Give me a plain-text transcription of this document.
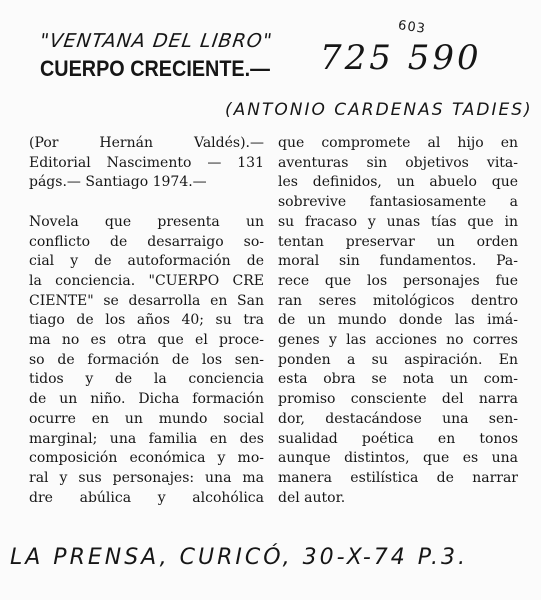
"VENTANA DEL LIBRO"
CUERPO CRECIENTE.—
603
725 590
(ANTONIO CARDENAS TADIES)
(Por Hernán Valdés).—
Editorial Nascimento — 131
págs.— Santiago 1974.—
Novela que presenta un
conflicto de desarraigo so-
cial y de autoformación de
la conciencia. "CUERPO CRE
CIENTE" se desarrolla en San
tiago de los años 40; su tra
ma no es otra que el proce-
so de formación de los sen-
tidos y de la conciencia
de un niño. Dicha formación
ocurre en un mundo social
marginal; una familia en des
composición económica y mo-
ral y sus personajes: una ma
dre abúlica y alcohólica
que compromete al hijo en
aventuras sin objetivos vita-
les definidos, un abuelo que
sobrevive fantasiosamente a
su fracaso y unas tías que in
tentan preservar un orden
moral sin fundamentos. Pa-
rece que los personajes fue
ran seres mitológicos dentro
de un mundo donde las imá-
genes y las acciones no corres
ponden a su aspiración. En
esta obra se nota un com-
promiso consciente del narra
dor, destacándose una sen-
sualidad poética en tonos
aunque distintos, que es una
manera estilística de narrar
del autor.
LA PRENSA, CURICÓ, 30-X-74 P.3.
